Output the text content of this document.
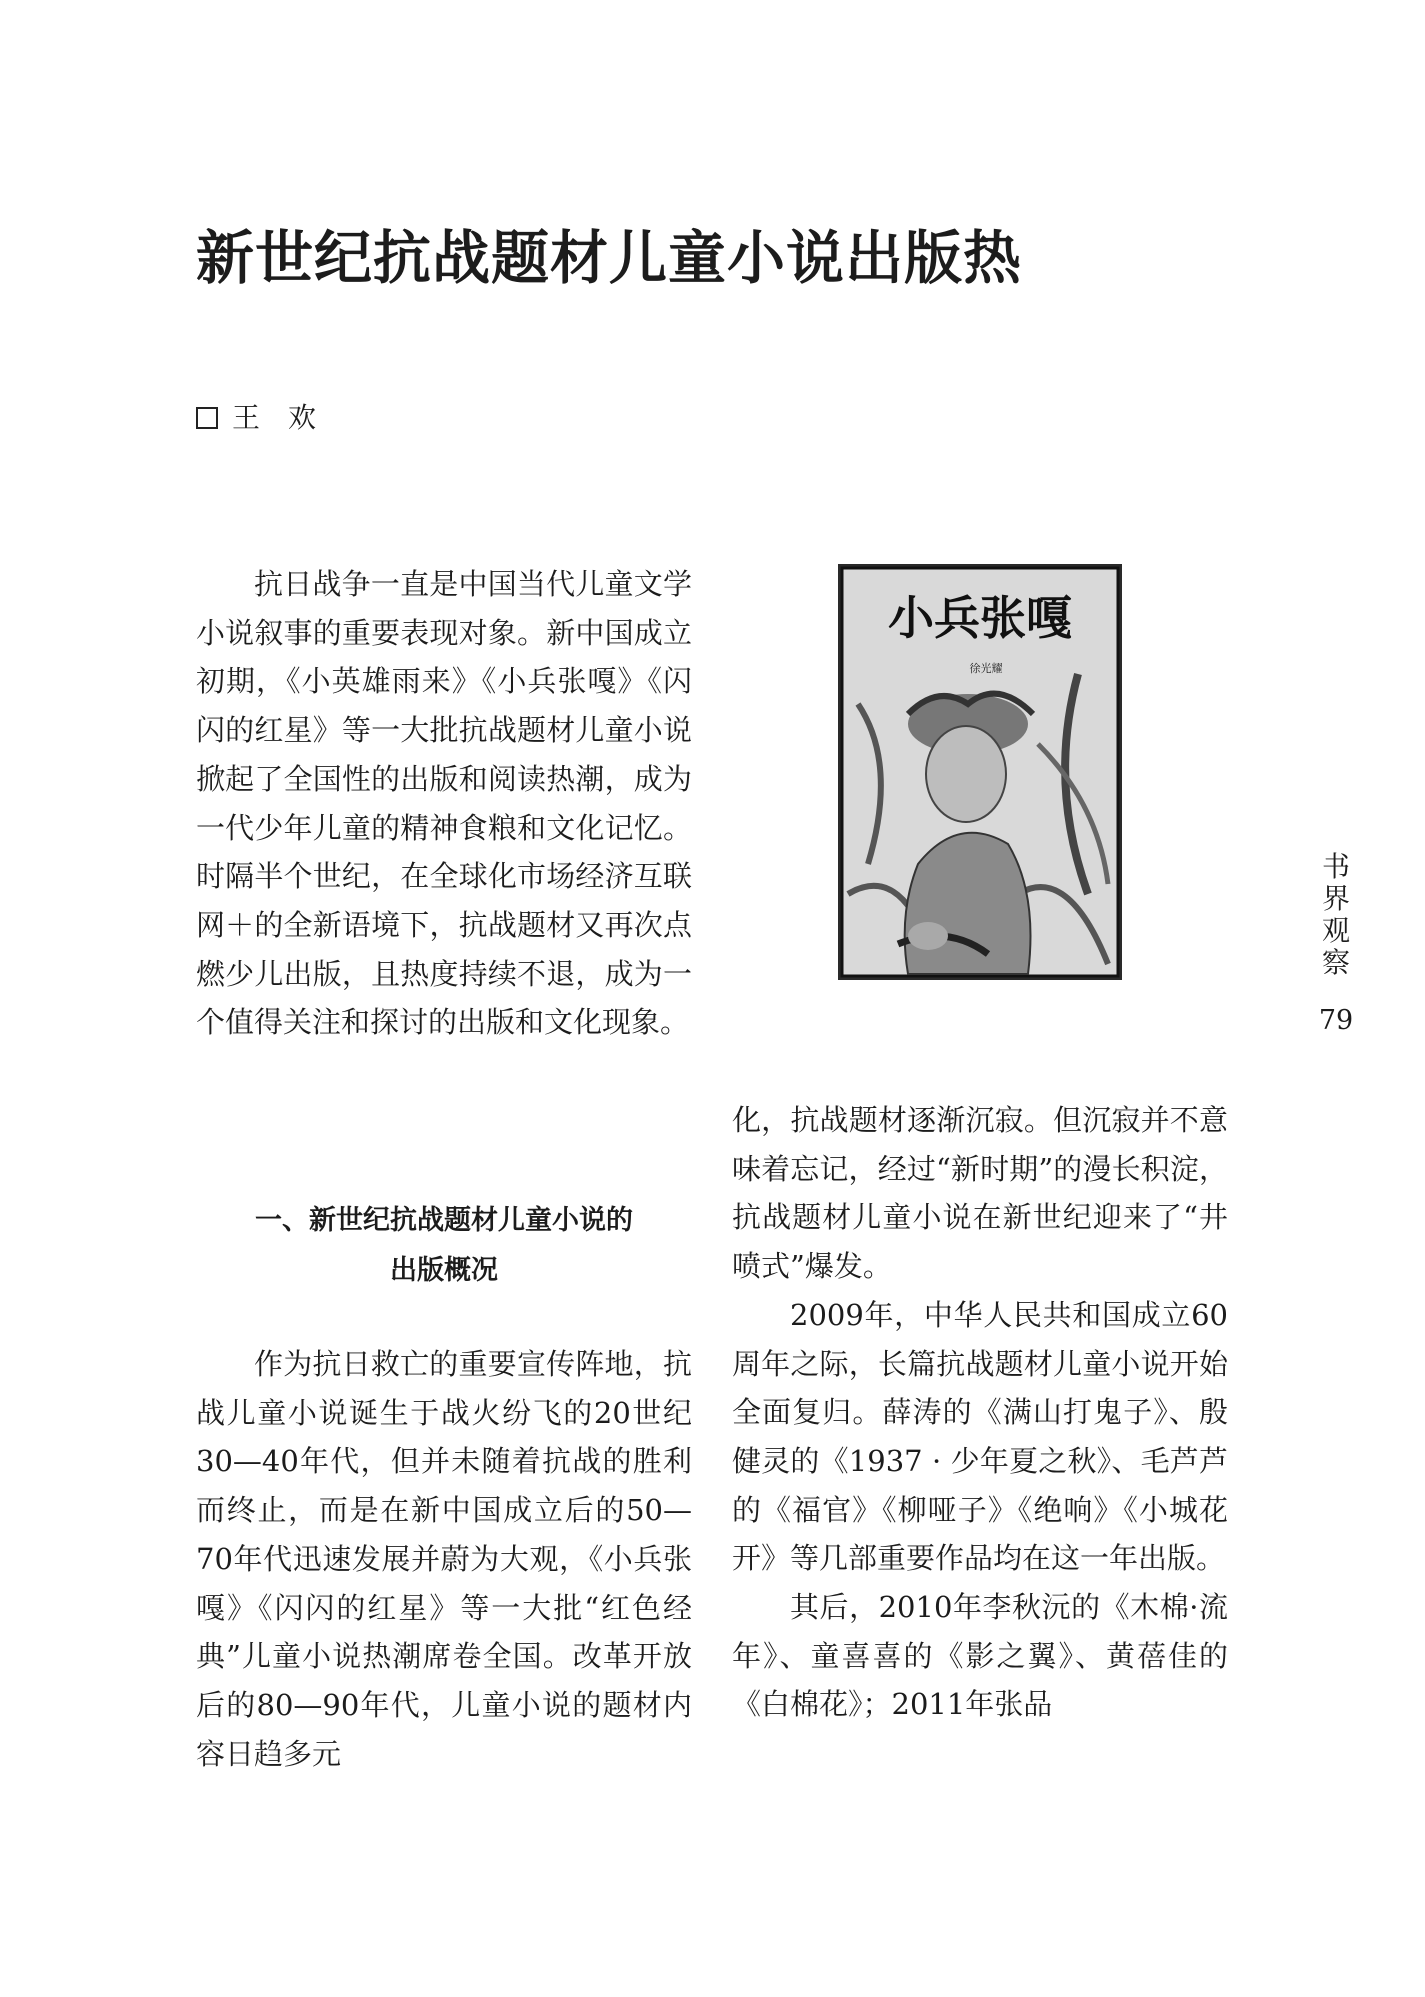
新世纪抗战题材儿童小说出版热
王　欢

抗日战争一直是中国当代儿童文学小说叙事的重要表现对象。新中国成立初期，《小英雄雨来》《小兵张嘎》《闪闪的红星》等一大批抗战题材儿童小说掀起了全国性的出版和阅读热潮，成为一代少年儿童的精神食粮和文化记忆。时隔半个世纪，在全球化市场经济互联网＋的全新语境下，抗战题材又再次点燃少儿出版，且热度持续不退，成为一个值得关注和探讨的出版和文化现象。

一、新世纪抗战题材儿童小说的
出版概况

作为抗日救亡的重要宣传阵地，抗战儿童小说诞生于战火纷飞的20世纪30—40年代，但并未随着抗战的胜利而终止，而是在新中国成立后的50—70年代迅速发展并蔚为大观，《小兵张嘎》《闪闪的红星》等一大批“红色经典”儿童小说热潮席卷全国。改革开放后的80—90年代，儿童小说的题材内容日趋多元

小兵张嘎
徐光耀

化，抗战题材逐渐沉寂。但沉寂并不意味着忘记，经过“新时期”的漫长积淀，抗战题材儿童小说在新世纪迎来了“井喷式”爆发。

2009年，中华人民共和国成立60周年之际，长篇抗战题材儿童小说开始全面复归。薛涛的《满山打鬼子》、殷健灵的《1937 · 少年夏之秋》、毛芦芦的《福官》《柳哑子》《绝响》《小城花开》等几部重要作品均在这一年出版。

其后，2010年李秋沅的《木棉·流年》、童喜喜的《影之翼》、黄蓓佳的《白棉花》；2011年张品

书
界
观
察
79
